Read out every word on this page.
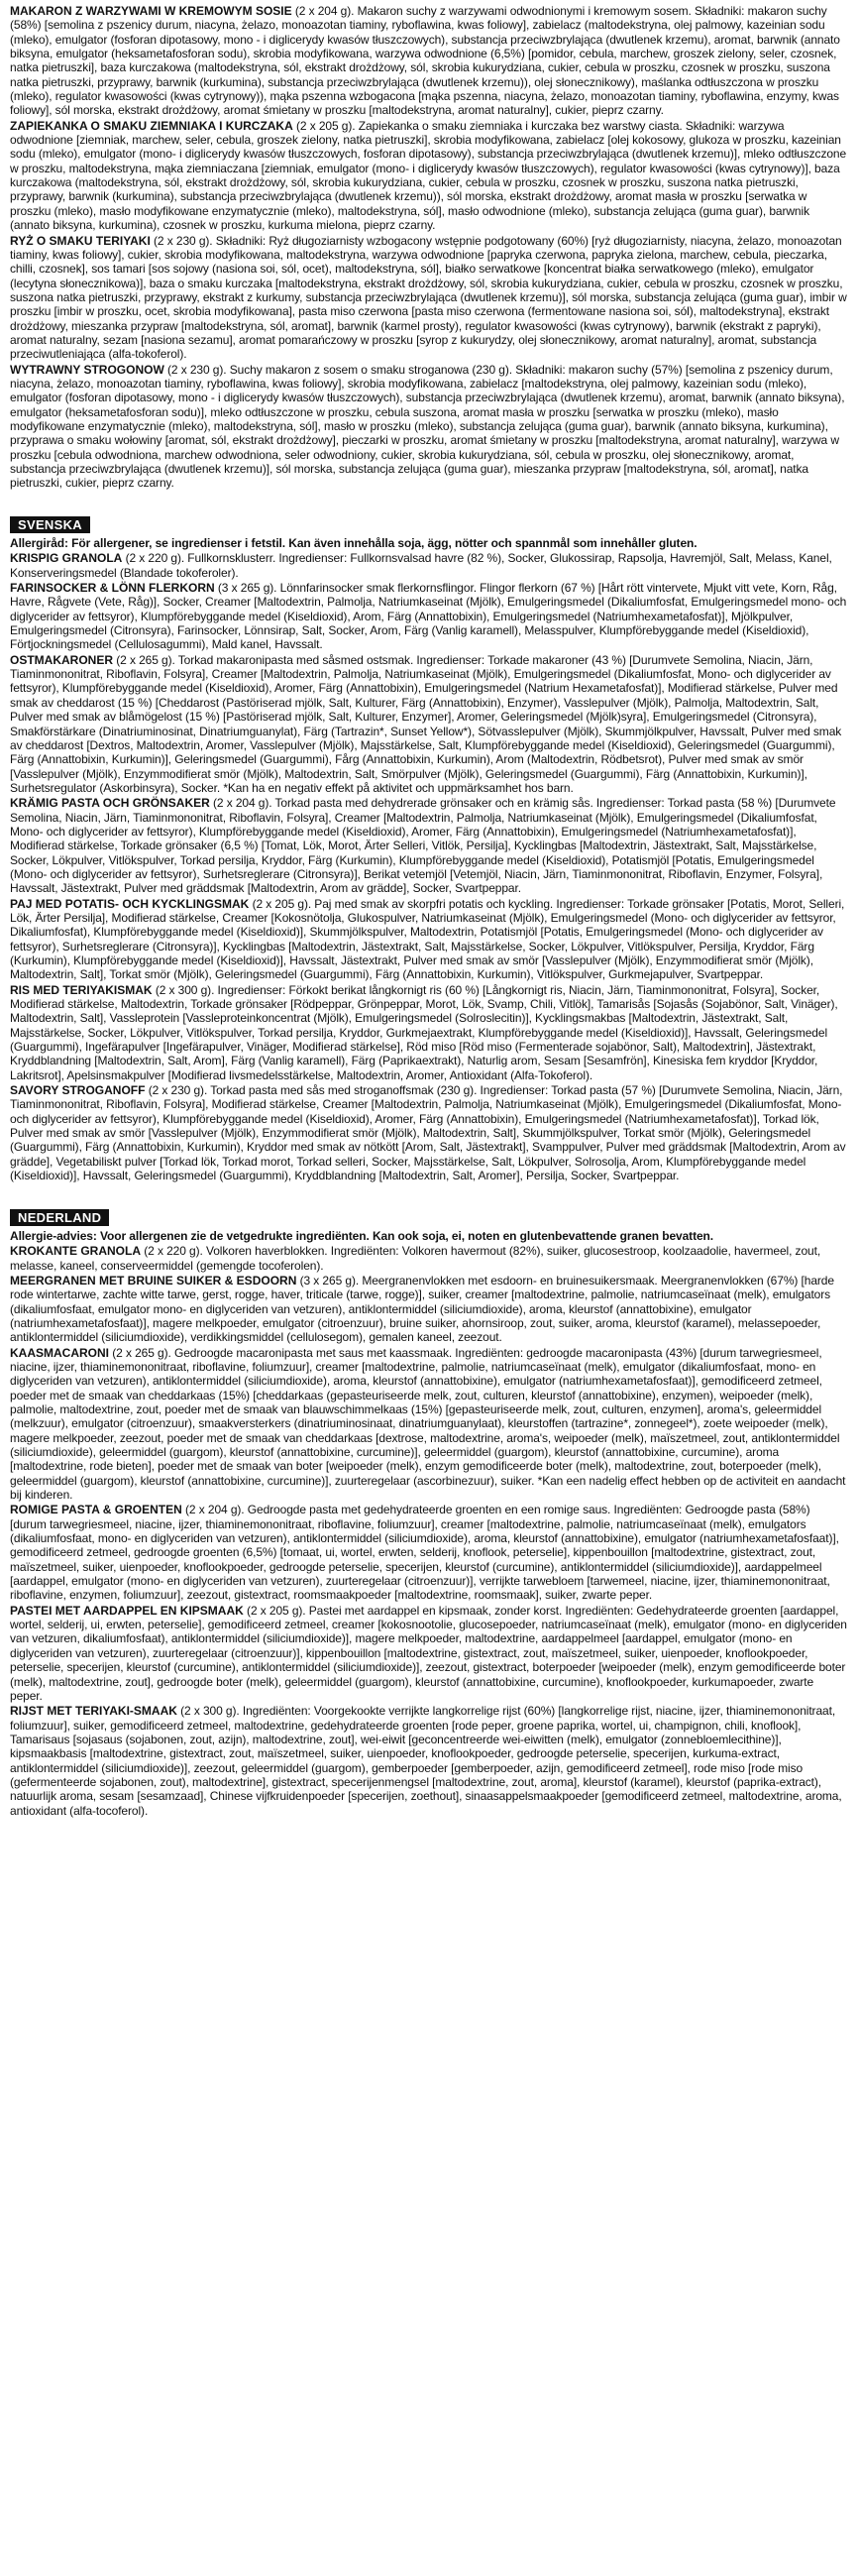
MAKARON Z WARZYWAMI W KREMOWYM SOSIE (2 x 204 g). Makaron suchy z warzywami odwodnionymi i kremowym sosem. Składniki: makaron suchy (58%) [semolina z pszenicy durum, niacyna, żelazo, monoazotan tiaminy, ryboflawina, kwas foliowy], zabielacz (maltodekstryna, olej palmowy, kazeinian sodu (mleko), emulgator (fosforan dipotasowy, mono - i diglicerydy kwasów tłuszczowych), substancja przeciwzbrylająca (dwutlenek krzemu), aromat, barwnik (annato biksyna, emulgator (heksametafosforan sodu), skrobia modyfikowana, warzywa odwodnione (6,5%) [pomidor, cebula, marchew, groszek zielony, seler, czosnek, natka pietruszki], baza kurczakowa (maltodekstryna, sól, ekstrakt drożdżowy, sól, skrobia kukurydziana, cukier, cebula w proszku, czosnek w proszku, suszona natka pietruszki, przyprawy, barwnik (kurkumina), substancja przeciwzbrylająca (dwutlenek krzemu)), olej słonecznikowy), maślanka odtłuszczona w proszku (mleko), regulator kwasowości (kwas cytrynowy)), mąka pszenna wzbogacona [mąka pszenna, niacyna, żelazo, monoazotan tiaminy, ryboflawina, enzymy, kwas foliowy], sól morska, ekstrakt drożdżowy, aromat śmietany w proszku [maltodekstryna, aromat naturalny], cukier, pieprz czarny.

ZAPIEKANKA O SMAKU ZIEMNIAKA I KURCZAKA (2 x 205 g). Zapiekanka o smaku ziemniaka i kurczaka bez warstwy ciasta. Składniki: warzywa odwodnione [ziemniak, marchew, seler, cebula, groszek zielony, natka pietruszki], skrobia modyfikowana, zabielacz [olej kokosowy, glukoza w proszku, kazeinian sodu (mleko), emulgator (mono- i diglicerydy kwasów tłuszczowych, fosforan dipotasowy), substancja przeciwzbrylająca (dwutlenek krzemu)], mleko odtłuszczone w proszku, maltodekstryna, mąka ziemniaczana [ziemniak, emulgator (mono- i diglicerydy kwasów tłuszczowych), regulator kwasowości (kwas cytrynowy)], baza kurczakowa (maltodekstryna, sól, ekstrakt drożdżowy, sól, skrobia kukurydziana, cukier, cebula w proszku, czosnek w proszku, suszona natka pietruszki, przyprawy, barwnik (kurkumina), substancja przeciwzbrylająca (dwutlenek krzemu)), sól morska, ekstrakt drożdżowy, aromat masła w proszku [serwatka w proszku (mleko), masło modyfikowane enzymatycznie (mleko), maltodekstryna, sól], masło odwodnione (mleko), substancja zelująca (guma guar), barwnik (annato biksyna, kurkumina), czosnek w proszku, kurkuma mielona, pieprz czarny.

RYŻ O SMAKU TERIYAKI (2 x 230 g). Składniki: Ryż długoziarnisty wzbogacony wstępnie podgotowany (60%) [ryż długoziarnisty, niacyna, żelazo, monoazotan tiaminy, kwas foliowy], cukier, skrobia modyfikowana, maltodekstryna, warzywa odwodnione [papryka czerwona, papryka zielona, marchew, cebula, pieczarka, chilli, czosnek], sos tamari [sos sojowy (nasiona soi, sól, ocet), maltodekstryna, sól], białko serwatkowe [koncentrat białka serwatkowego (mleko), emulgator (lecytyna słonecznikowa)], baza o smaku kurczaka [maltodekstryna, ekstrakt drożdżowy, sól, skrobia kukurydziana, cukier, cebula w proszku, czosnek w proszku, suszona natka pietruszki, przyprawy, ekstrakt z kurkumy, substancja przeciwzbrylająca (dwutlenek krzemu)], sól morska, substancja zelująca (guma guar), imbir w proszku [imbir w proszku, ocet, skrobia modyfikowana], pasta miso czerwona [pasta miso czerwona (fermentowane nasiona soi, sól), maltodekstryna], ekstrakt drożdżowy, mieszanka przypraw [maltodekstryna, sól, aromat], barwnik (karmel prosty), regulator kwasowości (kwas cytrynowy), barwnik (ekstrakt z papryki), aromat naturalny, sezam [nasiona sezamu], aromat pomarańczowy w proszku [syrop z kukurydzy, olej słonecznikowy, aromat naturalny], aromat, substancja przeciwutleniająca (alfa-tokoferol).

WYTRAWNY STROGONOW (2 x 230 g). Suchy makaron z sosem o smaku stroganowa (230 g). Składniki: makaron suchy (57%) [semolina z pszenicy durum, niacyna, żelazo, monoazotan tiaminy, ryboflawina, kwas foliowy], skrobia modyfikowana, zabielacz [maltodekstryna, olej palmowy, kazeinian sodu (mleko), emulgator (fosforan dipotasowy, mono - i diglicerydy kwasów tłuszczowych), substancja przeciwzbrylająca (dwutlenek krzemu), aromat, barwnik (annato biksyna), emulgator (heksametafosforan sodu)], mleko odtłuszczone w proszku, cebula suszona, aromat masła w proszku [serwatka w proszku (mleko), masło modyfikowane enzymatycznie (mleko), maltodekstryna, sól], masło w proszku (mleko), substancja zelująca (guma guar), barwnik (annato biksyna, kurkumina), przyprawa o smaku wołowiny [aromat, sól, ekstrakt drożdżowy], pieczarki w proszku, aromat śmietany w proszku [maltodekstryna, aromat naturalny], warzywa w proszku [cebula odwodniona, marchew odwodniona, seler odwodniony, cukier, skrobia kukurydziana, sól, cebula w proszku, olej słonecznikowy, aromat, substancja przeciwzbrylająca (dwutlenek krzemu)], sól morska, substancja zelująca (guma guar), mieszanka przypraw [maltodekstryna, sól, aromat], natka pietruszki, cukier, pieprz czarny.

SVENSKA

Allergiråd: För allergener, se ingredienser i fetstil. Kan även innehålla soja, ägg, nötter och spannmål som innehåller gluten.

KRISPIG GRANOLA (2 x 220 g). Fullkornsklusterr. Ingredienser: Fullkornsvalsad havre (82 %), Socker, Glukossirap, Rapsolja, Havremjöl, Salt, Melass, Kanel, Konserveringsmedel (Blandade tokoferoler).

FARINSOCKER & LÖNN FLERKORN (3 x 265 g). Lönnfarinsocker smak flerkornsflingor. Flingor flerkorn (67 %) [Hårt rött vintervete, Mjukt vitt vete, Korn, Råg, Havre, Rågvete (Vete, Råg)], Socker, Creamer [Maltodextrin, Palmolja, Natriumkaseinat (Mjölk), Emulgeringsmedel (Dikaliumfosfat, Emulgeringsmedel mono- och diglycerider av fettsyror), Klumpförebyggande medel (Kiseldioxid), Arom, Färg (Annattobixin), Emulgeringsmedel (Natriumhexametafosfat)], Mjölkpulver, Emulgeringsmedel (Citronsyra), Farinsocker, Lönnsirap, Salt, Socker, Arom, Färg (Vanlig karamell), Melasspulver, Klumpförebyggande medel (Kiseldioxid), Förtjockningsmedel (Cellulosagummi), Mald kanel, Havssalt.

OSTMAKARONER (2 x 265 g). Torkad makaronipasta med såsmed ostsmak. Ingredienser: Torkade makaroner (43 %) [Durumvete Semolina, Niacin, Järn, Tiaminmononitrat, Riboflavin, Folsyra], Creamer [Maltodextrin, Palmolja, Natriumkaseinat (Mjölk), Emulgeringsmedel (Dikaliumfosfat, Mono- och diglycerider av fettsyror), Klumpförebyggande medel (Kiseldioxid), Aromer, Färg (Annattobixin), Emulgeringsmedel (Natrium Hexametafosfat)], Modifierad stärkelse, Pulver med smak av cheddarost (15 %) [Cheddarost (Pastöriserad mjölk, Salt, Kulturer, Färg (Annattobixin), Enzymer), Vasslepulver (Mjölk), Palmolja, Maltodextrin, Salt, Pulver med smak av blåmögelost (15 %) [Pastöriserad mjölk, Salt, Kulturer, Enzymer], Aromer, Geleringsmedel (Mjölk)syra], Emulgeringsmedel (Citronsyra), Smakförstärkare (Dinatriuminosinat, Dinatriumguanylat), Färg (Tartrazin*, Sunset Yellow*), Sötvasslepulver (Mjölk), Skummjölkpulver, Havssalt, Pulver med smak av cheddarost [Dextros, Maltodextrin, Aromer, Vasslepulver (Mjölk), Majsstärkelse, Salt, Klumpförebyggande medel (Kiseldioxid), Geleringsmedel (Guargummi), Färg (Annattobixin, Kurkumin)], Geleringsmedel (Guargummi), Fårg (Annattobixin, Kurkumin), Arom (Maltodextrin, Rödbetsrot), Pulver med smak av smör [Vasslepulver (Mjölk), Enzymmodifierat smör (Mjölk), Maltodextrin, Salt, Smörpulver (Mjölk), Geleringsmedel (Guargummi), Färg (Annattobixin, Kurkumin)], Surhetsregulator (Askorbinsyra), Socker. *Kan ha en negativ effekt på aktivitet och uppmärksamhet hos barn.

KRÄMIG PASTA OCH GRÖNSAKER (2 x 204 g). Torkad pasta med dehydrerade grönsaker och en krämig sås. Ingredienser: Torkad pasta (58 %) [Durumvete Semolina, Niacin, Järn, Tiaminmononitrat, Riboflavin, Folsyra], Creamer [Maltodextrin, Palmolja, Natriumkaseinat (Mjölk), Emulgeringsmedel (Dikaliumfosfat, Mono- och diglycerider av fettsyror), Klumpförebyggande medel (Kiseldioxid), Aromer, Färg (Annattobixin), Emulgeringsmedel (Natriumhexametafosfat)], Modifierad stärkelse, Torkade grönsaker (6,5 %) [Tomat, Lök, Morot, Ärter Selleri, Vitlök, Persilja], Kycklingbas [Maltodextrin, Jästextrakt, Salt, Majsstärkelse, Socker, Lökpulver, Vitlökspulver, Torkad persilja, Kryddor, Färg (Kurkumin), Klumpförebyggande medel (Kiseldioxid), Potatismjöl [Potatis, Emulgeringsmedel (Mono- och diglycerider av fettsyror), Surhetsreglerare (Citronsyra)], Berikat vetemjöl [Vetemjöl, Niacin, Järn, Tiaminmononitrat, Riboflavin, Enzymer, Folsyra], Havssalt, Jästextrakt, Pulver med gräddsmak [Maltodextrin, Arom av grädde], Socker, Svartpeppar.

PAJ MED POTATIS- OCH KYCKLINGSMAK (2 x 205 g). Paj med smak av skorpfri potatis och kyckling. Ingredienser: Torkade grönsaker [Potatis, Morot, Selleri, Lök, Ärter Persilja], Modifierad stärkelse, Creamer [Kokosnötolja, Glukospulver, Natriumkaseinat (Mjölk), Emulgeringsmedel (Mono- och diglycerider av fettsyror, Dikaliumfosfat), Klumpförebyggande medel (Kiseldioxid)], Skummjölkspulver, Maltodextrin, Potatismjöl [Potatis, Emulgeringsmedel (Mono- och diglycerider av fettsyror), Surhetsreglerare (Citronsyra)], Kycklingbas [Maltodextrin, Jästextrakt, Salt, Majsstärkelse, Socker, Lökpulver, Vitlökspulver, Persilja, Kryddor, Färg (Kurkumin), Klumpförebyggande medel (Kiseldioxid)], Havssalt, Jästextrakt, Pulver med smak av smör [Vasslepulver (Mjölk), Enzymmodifierat smör (Mjölk), Maltodextrin, Salt], Torkat smör (Mjölk), Geleringsmedel (Guargummi), Färg (Annattobixin, Kurkumin), Vitlökspulver, Gurkmejapulver, Svartpeppar.

RIS MED TERIYAKISMAK (2 x 300 g). Ingredienser: Förkokt berikat långkornigt ris (60 %) [Långkornigt ris, Niacin, Järn, Tiaminmononitrat, Folsyra], Socker, Modifierad stärkelse, Maltodextrin, Torkade grönsaker [Rödpeppar, Grönpeppar, Morot, Lök, Svamp, Chili, Vitlök], Tamarisås [Sojasås (Sojabönor, Salt, Vinäger), Maltodextrin, Salt], Vassleprotein [Vassleproteinkoncentrat (Mjölk), Emulgeringsmedel (Solroslecitin)], Kycklingsmakbas [Maltodextrin, Jästextrakt, Salt, Majsstärkelse, Socker, Lökpulver, Vitlökspulver, Torkad persilja, Kryddor, Gurkmejaextrakt, Klumpförebyggande medel (Kiseldioxid)], Havssalt, Geleringsmedel (Guargummi), Ingefärapulver [Ingefärapulver, Vinäger, Modifierad stärkelse], Röd miso [Röd miso (Fermenterade sojabönor, Salt), Maltodextrin], Jästextrakt, Kryddblandning [Maltodextrin, Salt, Arom], Färg (Vanlig karamell), Färg (Paprikaextrakt), Naturlig arom, Sesam [Sesamfrön], Kinesiska fem kryddor [Kryddor, Lakritsrot], Apelsinsmakpulver [Modifierad livsmedelsstärkelse, Maltodextrin, Aromer, Antioxidant (Alfa-Tokoferol).

SAVORY STROGANOFF (2 x 230 g). Torkad pasta med sås med stroganoffsmak (230 g). Ingredienser: Torkad pasta (57 %) [Durumvete Semolina, Niacin, Järn, Tiaminmononitrat, Riboflavin, Folsyra], Modifierad stärkelse, Creamer [Maltodextrin, Palmolja, Natriumkaseinat (Mjölk), Emulgeringsmedel (Dikaliumfosfat, Mono- och diglycerider av fettsyror), Klumpförebyggande medel (Kiseldioxid), Aromer, Färg (Annattobixin), Emulgeringsmedel (Natriumhexametafosfat)], Torkad lök, Pulver med smak av smör [Vasslepulver (Mjölk), Enzymmodifierat smör (Mjölk), Maltodextrin, Salt], Skummjölkspulver, Torkat smör (Mjölk), Geleringsmedel (Guargummi), Färg (Annattobixin, Kurkumin), Kryddor med smak av nötkött [Arom, Salt, Jästextrakt], Svamppulver, Pulver med gräddsmak [Maltodextrin, Arom av grädde], Vegetabiliskt pulver [Torkad lök, Torkad morot, Torkad selleri, Socker, Majsstärkelse, Salt, Lökpulver, Solrosolja, Arom, Klumpförebyggande medel (Kiseldioxid)], Havssalt, Geleringsmedel (Guargummi), Kryddblandning [Maltodextrin, Salt, Aromer], Persilja, Socker, Svartpeppar.

NEDERLAND

Allergie-advies: Voor allergenen zie de vetgedrukte ingrediënten. Kan ook soja, ei, noten en glutenbevattende granen bevatten.

KROKANTE GRANOLA (2 x 220 g). Volkoren haverblokken. Ingrediënten: Volkoren havermout (82%), suiker, glucosestroop, koolzaadolie, havermeel, zout, melasse, kaneel, conserveermiddel (gemengde tocoferolen).

MEERGRANEN MET BRUINE SUIKER & ESDOORN (3 x 265 g). Meergranenvlokken met esdoorn- en bruinesuikersmaak. Meergranenvlokken (67%) [harde rode wintertarwe, zachte witte tarwe, gerst, rogge, haver, triticale (tarwe, rogge)], suiker, creamer [maltodextrine, palmolie, natriumcaseïnaat (melk), emulgators (dikaliumfosfaat, emulgator mono- en diglyceriden van vetzuren), antiklontermiddel (siliciumdioxide), aroma, kleurstof (annattobixine), emulgator (natriumhexametafosfaat)], magere melkpoeder, emulgator (citroenzuur), bruine suiker, ahornsiroop, zout, suiker, aroma, kleurstof (karamel), melassepoeder, antiklontermiddel (siliciumdioxide), verdikkingsmiddel (cellulosegom), gemalen kaneel, zeezout.

KAASMACARONI (2 x 265 g). Gedroogde macaronipasta met saus met kaassmaak. Ingrediënten: gedroogde macaronipasta (43%) [durum tarwegriesmeel, niacine, ijzer, thiaminemononitraat, riboflavine, foliumzuur], creamer [maltodextrine, palmolie, natriumcaseïnaat (melk), emulgator (dikaliumfosfaat, mono- en diglyceriden van vetzuren), antiklontermiddel (siliciumdioxide), aroma, kleurstof (annattobixine), emulgator (natriumhexametafosfaat)], gemodificeerd zetmeel, poeder met de smaak van cheddarkaas (15%) [cheddarkaas (gepasteuriseerde melk, zout, culturen, kleurstof (annattobixine), enzymen), weipoeder (melk), palmolie, maltodextrine, zout, poeder met de smaak van blauwschimmelkaas (15%) [gepasteuriseerde melk, zout, culturen, enzymen], aroma's, geleermiddel (melkzuur), emulgator (citroenzuur), smaakversterkers (dinatriuminosinaat, dinatriumguanylaat), kleurstoffen (tartrazine*, zonnegeel*), zoete weipoeder (melk), magere melkpoeder, zeezout, poeder met de smaak van cheddarkaas [dextrose, maltodextrine, aroma's, weipoeder (melk), maïszetmeel, zout, antiklontermiddel (siliciumdioxide), geleermiddel (guargom), kleurstof (annattobixine, curcumine)], geleermiddel (guargom), kleurstof (annattobixine, curcumine), aroma [maltodextrine, rode bieten], poeder met de smaak van boter [weipoeder (melk), enzym gemodificeerde boter (melk), maltodextrine, zout, boterpoeder (melk), geleermiddel (guargom), kleurstof (annattobixine, curcumine)], zuurteregelaar (ascorbinezuur), suiker. *Kan een nadelig effect hebben op de activiteit en aandacht bij kinderen.

ROMIGE PASTA & GROENTEN (2 x 204 g). Gedroogde pasta met gedehydrateerde groenten en een romige saus. Ingrediënten: Gedroogde pasta (58%) [durum tarwegriesmeel, niacine, ijzer, thiaminemononitraat, riboflavine, foliumzuur], creamer [maltodextrine, palmolie, natriumcaseïnaat (melk), emulgators (dikaliumfosfaat, mono- en diglyceriden van vetzuren), antiklontermiddel (siliciumdioxide), aroma, kleurstof (annattobixine), emulgator (natriumhexametafosfaat)], gemodificeerd zetmeel, gedroogde groenten (6,5%) [tomaat, ui, wortel, erwten, selderij, knoflook, peterselie], kippenbouillon [maltodextrine, gistextract, zout, maïszetmeel, suiker, uienpoeder, knoflookpoeder, gedroogde peterselie, specerijen, kleurstof (curcumine), antiklontermiddel (siliciumdioxide)], aardappelmeel [aardappel, emulgator (mono- en diglyceriden van vetzuren), zuurteregelaar (citroenzuur)], verrijkte tarwebloem [tarwemeel, niacine, ijzer, thiaminemononitraat, riboflavine, enzymen, foliumzuur], zeezout, gistextract, roomsmaakpoeder [maltodextrine, roomsmaak], suiker, zwarte peper.

PASTEI MET AARDAPPEL EN KIPSMAAK (2 x 205 g). Pastei met aardappel en kipsmaak, zonder korst. Ingrediënten: Gedehydrateerde groenten [aardappel, wortel, selderij, ui, erwten, peterselie], gemodificeerd zetmeel, creamer [kokosnootolie, glucosepoeder, natriumcaseïnaat (melk), emulgator (mono- en diglyceriden van vetzuren, dikaliumfosfaat), antiklontermiddel (siliciumdioxide)], magere melkpoeder, maltodextrine, aardappelmeel [aardappel, emulgator (mono- en diglyceriden van vetzuren), zuurteregelaar (citroenzuur)], kippenbouillon [maltodextrine, gistextract, zout, maïszetmeel, suiker, uienpoeder, knoflookpoeder, peterselie, specerijen, kleurstof (curcumine), antiklontermiddel (siliciumdioxide)], zeezout, gistextract, boterpoeder [weipoeder (melk), enzym gemodificeerde boter (melk), maltodextrine, zout], gedroogde boter (melk), geleermiddel (guargom), kleurstof (annattobixine, curcumine), knoflookpoeder, kurkumapoeder, zwarte peper.

RIJST MET TERIYAKI-SMAAK (2 x 300 g). Ingrediënten: Voorgekookte verrijkte langkorrelige rijst (60%) [langkorrelige rijst, niacine, ijzer, thiaminemononitraat, foliumzuur], suiker, gemodificeerd zetmeel, maltodextrine, gedehydrateerde groenten [rode peper, groene paprika, wortel, ui, champignon, chili, knoflook], Tamarisaus [sojasaus (sojabonen, zout, azijn), maltodextrine, zout], wei-eiwit [geconcentreerde wei-eiwitten (melk), emulgator (zonnebloemlecithine)], kipsmaakbasis [maltodextrine, gistextract, zout, maïszetmeel, suiker, uienpoeder, knoflookpoeder, gedroogde peterselie, specerijen, kurkuma-extract, antiklontermiddel (siliciumdioxide)], zeezout, geleermiddel (guargom), gemberpoeder [gemberpoeder, azijn, gemodificeerd zetmeel], rode miso [rode miso (gefermenteerde sojabonen, zout), maltodextrine], gistextract, specerijenmengsel [maltodextrine, zout, aroma], kleurstof (karamel), kleurstof (paprika-extract), natuurlijk aroma, sesam [sesamzaad], Chinese vijfkruidenpoeder [specerijen, zoethout], sinaasappelsmaakpoeder [gemodificeerd zetmeel, maltodextrine, aroma, antioxidant (alfa-tocoferol).
